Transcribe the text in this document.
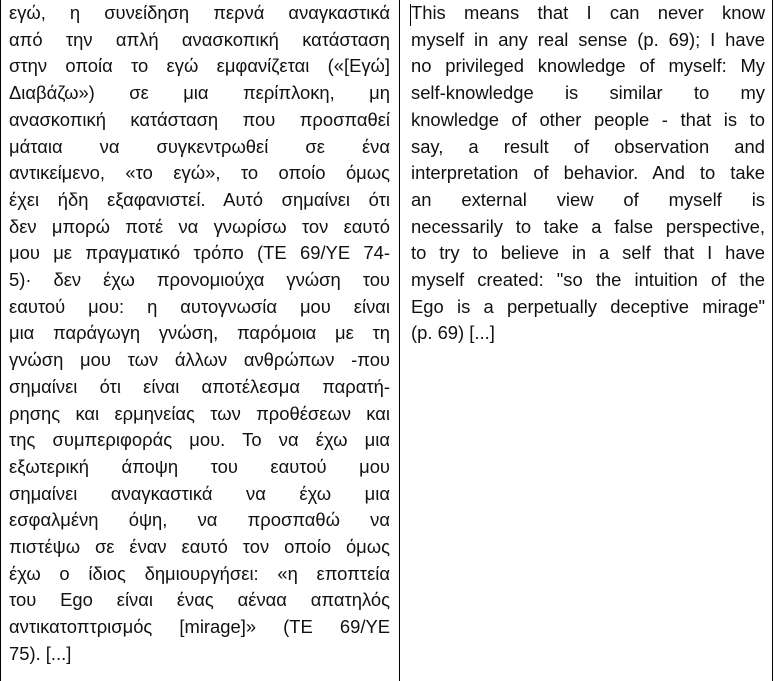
εγώ, η συνείδηση περνά αναγκαστικά
από την απλή ανασκοπική κατάσταση
στην οποία το εγώ εμφανίζεται («[Εγώ]
Διαβάζω») σε μια περίπλοκη, μη
ανασκοπική κατάσταση που προσπαθεί
μάταια να συγκεντρωθεί σε ένα
αντικείμενο, «το εγώ», το οποίο όμως
έχει ήδη εξαφανιστεί. Αυτό σημαίνει ότι
δεν μπορώ ποτέ να γνωρίσω τον εαυτό
μου με πραγματικό τρόπο (TE 69/YE 74-
5)· δεν έχω προνομιούχα γνώση του
εαυτού μου: η αυτογνωσία μου είναι
μια παράγωγη γνώση, παρόμοια με τη
γνώση μου των άλλων ανθρώπων -που
σημαίνει ότι είναι αποτέλεσμα παρατή-
ρησης και ερμηνείας των προθέσεων και
της συμπεριφοράς μου. Το να έχω μια
εξωτερική άποψη του εαυτού μου
σημαίνει αναγκαστικά να έχω μια
εσφαλμένη όψη, να προσπαθώ να
πιστέψω σε έναν εαυτό τον οποίο όμως
έχω ο ίδιος δημιουργήσει: «η εποπτεία
του Ego είναι ένας αέναα απατηλός
αντικατοπτρισμός [mirage]» (TE 69/YE
75). [...]
This means that I can never know
myself in any real sense (p. 69); I have
no privileged knowledge of myself: My
self-knowledge is similar to my
knowledge of other people - that is to
say, a result of observation and
interpretation of behavior. And to take
an external view of myself is
necessarily to take a false perspective,
to try to believe in a self that I have
myself created: "so the intuition of the
Ego is a perpetually deceptive mirage"
(p. 69) [...]
